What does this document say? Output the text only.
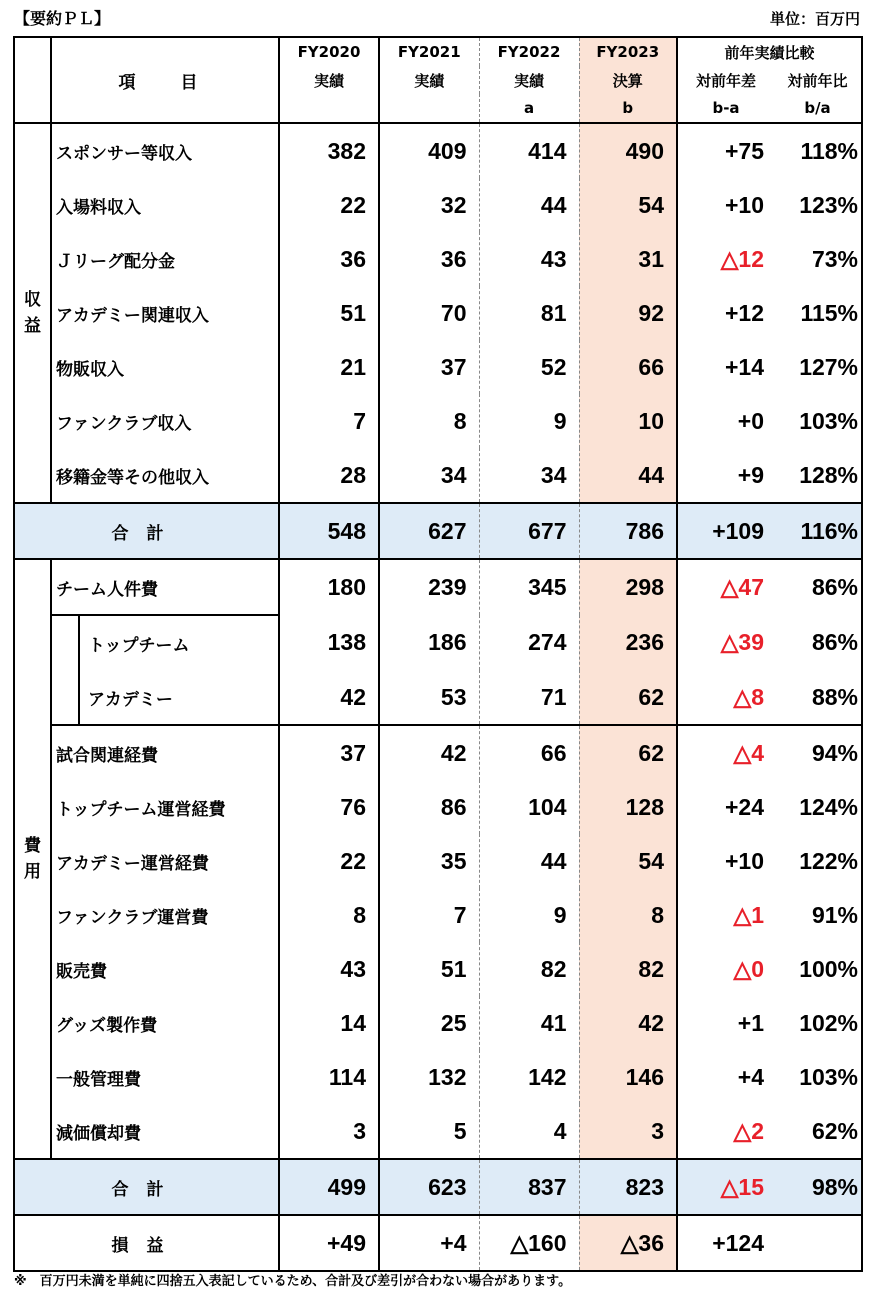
【要約ＰＬ】	単位：百万円
	項　目		FY2020	FY2021	FY2022	FY2023	前年実績比較	
			実績	実績	実績	決算	対前年差	対前年比
					a	b	b-a	b/a
収益	スポンサー等収入		382	409	414	490	+75	118%
	入場料収入		22	32	44	54	+10	123%
	Ｊリーグ配分金		36	36	43	31	△12	73%
	アカデミー関連収入		51	70	81	92	+12	115%
	物販収入		21	37	52	66	+14	127%
	ファンクラブ収入		7	8	9	10	+0	103%
	移籍金等その他収入		28	34	34	44	+9	128%
合計			548	627	677	786	+109	116%
費用	チーム人件費		180	239	345	298	△47	86%
		トップチーム	138	186	274	236	△39	86%
		アカデミー	42	53	71	62	△8	88%
	試合関連経費		37	42	66	62	△4	94%
	トップチーム運営経費		76	86	104	128	+24	124%
	アカデミー運営経費		22	35	44	54	+10	122%
	ファンクラブ運営費		8	7	9	8	△1	91%
	販売費		43	51	82	82	△0	100%
	グッズ製作費		14	25	41	42	+1	102%
	一般管理費		114	132	142	146	+4	103%
	減価償却費		3	5	4	3	△2	62%
合計			499	623	837	823	△15	98%
損益			+49	+4	△160	△36	+124	
※　百万円未満を単純に四捨五入表記しているため、合計及び差引が合わない場合があります。
